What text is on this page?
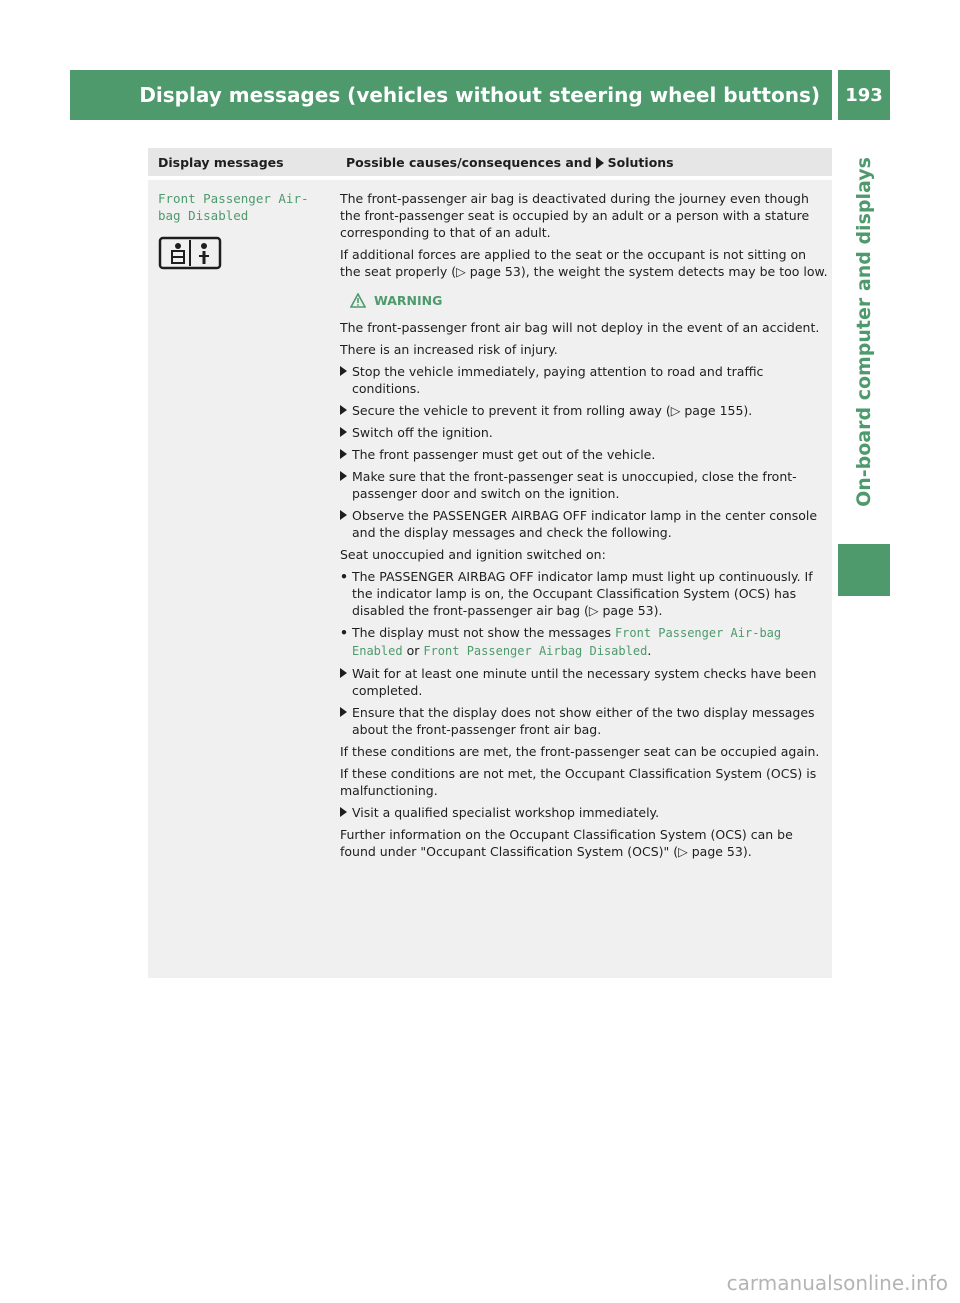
Display messages (vehicles without steering wheel buttons) 193
On-board computer and displays
Display messages	Possible causes/consequences and Solutions
Front Passenger Air-bag Disabled

The front-passenger air bag is deactivated during the journey even though the front-passenger seat is occupied by an adult or a person with a stature corresponding to that of an adult.

If additional forces are applied to the seat or the occupant is not sitting on the seat properly (▷ page 53), the weight the system detects may be too low.

WARNING

The front-passenger front air bag will not deploy in the event of an accident.

There is an increased risk of injury.

Stop the vehicle immediately, paying attention to road and traffic conditions.
Secure the vehicle to prevent it from rolling away (▷ page 155).
Switch off the ignition.
The front passenger must get out of the vehicle.
Make sure that the front-passenger seat is unoccupied, close the front-passenger door and switch on the ignition.
Observe the PASSENGER AIRBAG OFF indicator lamp in the center console and the display messages and check the following.

Seat unoccupied and ignition switched on:

• The PASSENGER AIRBAG OFF indicator lamp must light up continuously. If the indicator lamp is on, the Occupant Classification System (OCS) has disabled the front-passenger air bag (▷ page 53).
• The display must not show the messages Front Passenger Air-bag Enabled or Front Passenger Airbag Disabled.
Wait for at least one minute until the necessary system checks have been completed.
Ensure that the display does not show either of the two display messages about the front-passenger front air bag.

If these conditions are met, the front-passenger seat can be occupied again.

If these conditions are not met, the Occupant Classification System (OCS) is malfunctioning.

Visit a qualified specialist workshop immediately.

Further information on the Occupant Classification System (OCS) can be found under "Occupant Classification System (OCS)" (▷ page 53).

carmanualsonline.info
